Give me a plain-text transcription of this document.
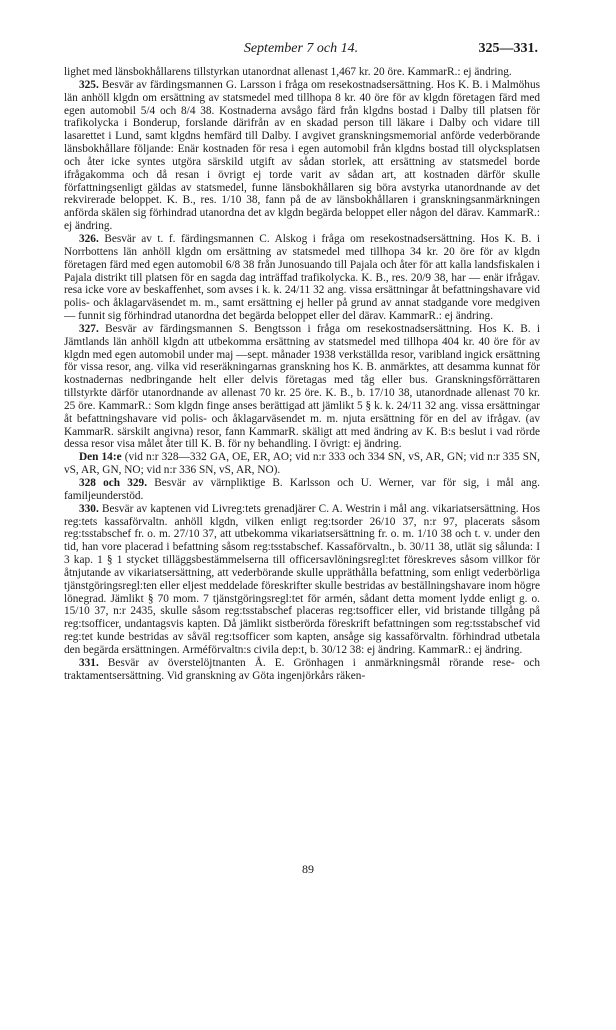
September 7 och 14.	325—331.

lighet med länsbokhållarens tillstyrkan utanordnat allenast 1,467 kr. 20 öre. KammarR.: ej ändring.

325. Besvär av färdingsmannen G. Larsson i fråga om resekostnadsersättning. Hos K. B. i Malmöhus län anhöll klgdn om ersättning av statsmedel med tillhopa 8 kr. 40 öre för av klgdn företagen färd med egen automobil 5/4 och 8/4 38. Kostnaderna avsågo färd från klgdns bostad i Dalby till platsen för trafikolycka i Bonderup, forslande därifrån av en skadad person till läkare i Dalby och vidare till lasarettet i Lund, samt klgdns hemfärd till Dalby. I avgivet granskningsmemorial anförde vederbörande länsbokhållare följande: Enär kostnaden för resa i egen automobil från klgdns bostad till olycksplatsen och åter icke syntes utgöra särskild utgift av sådan storlek, att ersättning av statsmedel borde ifrågakomma och då resan i övrigt ej torde varit av sådan art, att kostnaden därför skulle författningsenligt gäldas av statsmedel, funne länsbokhållaren sig böra avstyrka utanordnande av det rekvirerade beloppet. K. B., res. 1/10 38, fann på de av länsbokhållaren i granskningsanmärkningen anförda skälen sig förhindrad utanordna det av klgdn begärda beloppet eller någon del därav. KammarR.: ej ändring.

326. Besvär av t. f. färdingsmannen C. Alskog i fråga om resekostnadsersättning. Hos K. B. i Norrbottens län anhöll klgdn om ersättning av statsmedel med tillhopa 34 kr. 20 öre för av klgdn företagen färd med egen automobil 6/8 38 från Junosuando till Pajala och åter för att kalla landsfiskalen i Pajala distrikt till platsen för en sagda dag inträffad trafikolycka. K. B., res. 20/9 38, har — enär ifrågav. resa icke vore av beskaffenhet, som avses i k. k. 24/11 32 ang. vissa ersättningar åt befattningshavare vid polis- och åklagarväsendet m. m., samt ersättning ej heller på grund av annat stadgande vore medgiven — funnit sig förhindrad utanordna det begärda beloppet eller del därav. KammarR.: ej ändring.

327. Besvär av färdingsmannen S. Bengtsson i fråga om resekostnadsersättning. Hos K. B. i Jämtlands län anhöll klgdn att utbekomma ersättning av statsmedel med tillhopa 404 kr. 40 öre för av klgdn med egen automobil under maj —sept. månader 1938 verkställda resor, varibland ingick ersättning för vissa resor, ang. vilka vid reseräkningarnas granskning hos K. B. anmärktes, att desamma kunnat för kostnadernas nedbringande helt eller delvis företagas med tåg eller bus. Granskningsförrättaren tillstyrkte därför utanordnande av allenast 70 kr. 25 öre. K. B., b. 17/10 38, utanordnade allenast 70 kr. 25 öre. KammarR.: Som klgdn finge anses berättigad att jämlikt 5 § k. k. 24/11 32 ang. vissa ersättningar åt befattningshavare vid polis- och åklagarväsendet m. m. njuta ersättning för en del av ifrågav. (av KammarR. särskilt angivna) resor, fann KammarR. skäligt att med ändring av K. B:s beslut i vad rörde dessa resor visa målet åter till K. B. för ny behandling. I övrigt: ej ändring.

Den 14:e (vid n:r 328—332 GA, OE, ER, AO; vid n:r 333 och 334 SN, vS, AR, GN; vid n:r 335 SN, vS, AR, GN, NO; vid n:r 336 SN, vS, AR, NO).

328 och 329. Besvär av värnpliktige B. Karlsson och U. Werner, var för sig, i mål ang. familjeunderstöd.

330. Besvär av kaptenen vid Livreg:tets grenadjärer C. A. Westrin i mål ang. vikariatsersättning. Hos reg:tets kassaförvaltn. anhöll klgdn, vilken enligt reg:tsorder 26/10 37, n:r 97, placerats såsom reg:tsstabschef fr. o. m. 27/10 37, att utbekomma vikariatsersättning fr. o. m. 1/10 38 och t. v. under den tid, han vore placerad i befattning såsom reg:tsstabschef. Kassaförvaltn., b. 30/11 38, utlät sig sålunda: I 3 kap. 1 § 1 stycket tilläggsbestämmelserna till officersavlöningsregl:tet föreskreves såsom villkor för åtnjutande av vikariatsersättning, att vederbörande skulle uppräthålla befattning, som enligt vederbörliga tjänstgöringsregl:ten eller eljest meddelade föreskrifter skulle bestridas av beställningshavare inom högre lönegrad. Jämlikt § 70 mom. 7 tjänstgöringsregl:tet för armén, sådant detta moment lydde enligt g. o. 15/10 37, n:r 2435, skulle såsom reg:tsstabschef placeras reg:tsofficer eller, vid bristande tillgång på reg:tsofficer, undantagsvis kapten. Då jämlikt sistberörda föreskrift befattningen som reg:tsstabschef vid reg:tet kunde bestridas av såväl reg:tsofficer som kapten, ansåge sig kassaförvaltn. förhindrad utbetala den begärda ersättningen. Arméförvaltn:s civila dep:t, b. 30/12 38: ej ändring. KammarR.: ej ändring.

331. Besvär av överstelöjtnanten Å. E. Grönhagen i anmärkningsmål rörande rese- och traktamentsersättning. Vid granskning av Göta ingenjörkårs räken-

89
